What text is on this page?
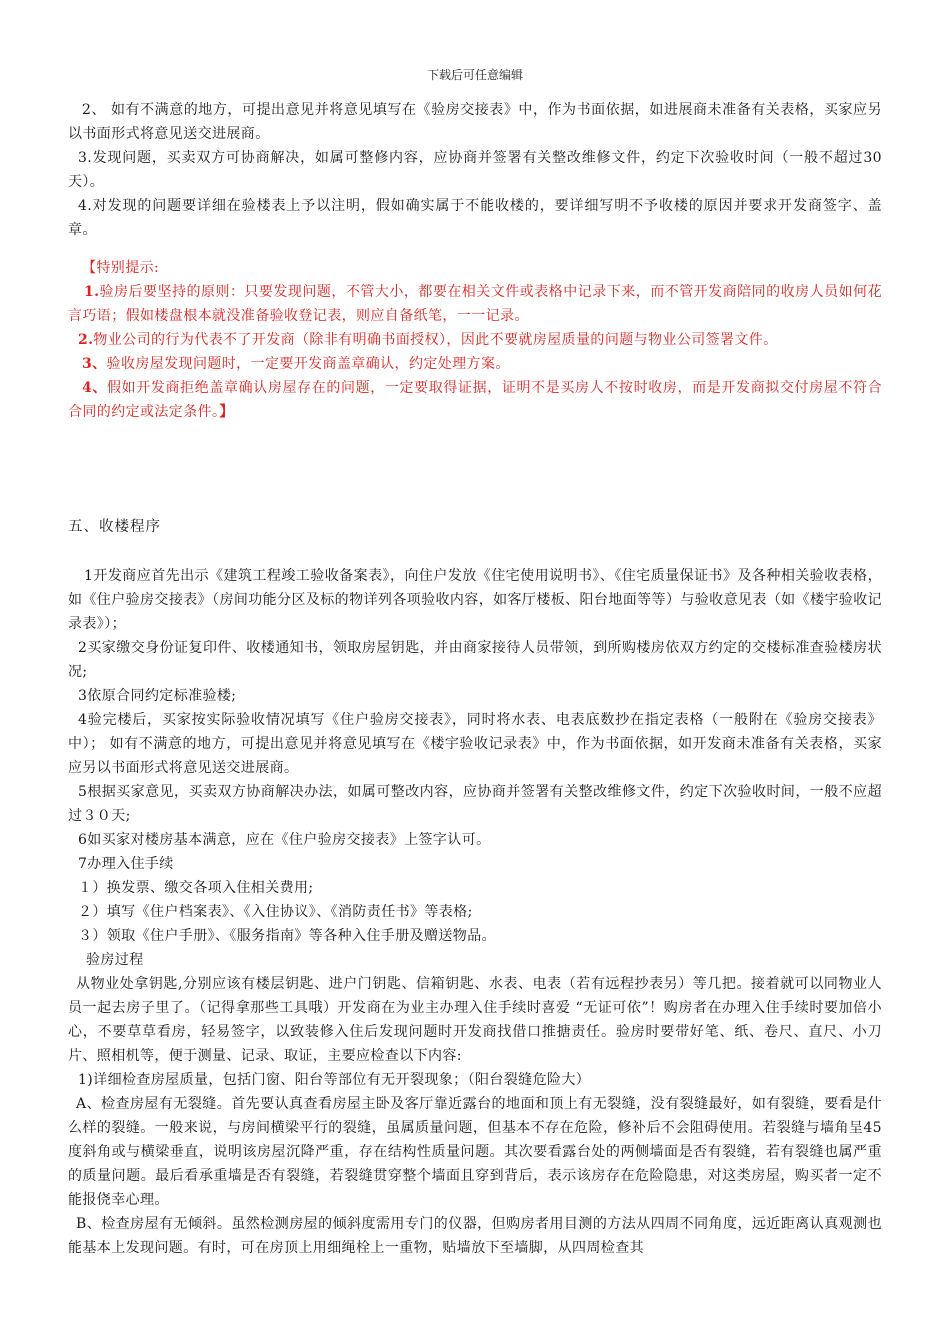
下载后可任意编辑

2、 如有不满意的地方，可提出意见并将意见填写在《验房交接表》中，作为书面依据，如进展商未准备有关表格，买家应另以书面形式将意见送交进展商。

3.发现问题，买卖双方可协商解决，如属可整修内容，应协商并签署有关整改维修文件，约定下次验收时间（一般不超过30天）。

4.对发现的问题要详细在验楼表上予以注明，假如确实属于不能收楼的，要详细写明不予收楼的原因并要求开发商签字、盖章。

【特别提示:

1.验房后要坚持的原则：只要发现问题，不管大小，都要在相关文件或表格中记录下来，而不管开发商陪同的收房人员如何花言巧语；假如楼盘根本就没准备验收登记表，则应自备纸笔，一一记录。

2.物业公司的行为代表不了开发商（除非有明确书面授权），因此不要就房屋质量的问题与物业公司签署文件。

3、验收房屋发现问题时，一定要开发商盖章确认，约定处理方案。

4、假如开发商拒绝盖章确认房屋存在的问题，一定要取得证据，证明不是买房人不按时收房，而是开发商拟交付房屋不符合合同的约定或法定条件。】

五、收楼程序

1开发商应首先出示《建筑工程竣工验收备案表》，向住户发放《住宅使用说明书》、《住宅质量保证书》及各种相关验收表格，如《住户验房交接表》（房间功能分区及标的物详列各项验收内容，如客厅楼板、阳台地面等等）与验收意见表（如《楼宇验收记录表》）；

2买家缴交身份证复印件、收楼通知书，领取房屋钥匙，并由商家接待人员带领，到所购楼房依双方约定的交楼标准查验楼房状况;

3依原合同约定标准验楼;

4验完楼后，买家按实际验收情况填写《住户验房交接表》，同时将水表、电表底数抄在指定表格（一般附在《验房交接表》中）； 如有不满意的地方，可提出意见并将意见填写在《楼宇验收记录表》中，作为书面依据，如开发商未准备有关表格，买家应另以书面形式将意见送交进展商。

5根据买家意见，买卖双方协商解决办法，如属可整改内容，应协商并签署有关整改维修文件，约定下次验收时间，一般不应超过３０天;

6如买家对楼房基本满意，应在《住户验房交接表》上签字认可。

7办理入住手续

１）换发票、缴交各项入住相关费用;

２）填写《住户档案表》、《入住协议》、《消防责任书》等表格;

３）领取《住户手册》、《服务指南》等各种入住手册及赠送物品。

验房过程

从物业处拿钥匙,分别应该有楼层钥匙、进户门钥匙、信箱钥匙、水表、电表（若有远程抄表另）等几把。接着就可以同物业人员一起去房子里了。（记得拿那些工具哦）开发商在为业主办理入住手续时喜爱 “无证可依”！购房者在办理入住手续时要加倍小心，不要草草看房，轻易签字，以致装修入住后发现问题时开发商找借口推搪责任。验房时要带好笔、纸、卷尺、直尺、小刀片、照相机等，便于测量、记录、取证，主要应检查以下内容:

1)详细检查房屋质量，包括门窗、阳台等部位有无开裂现象；（阳台裂缝危险大）

A、检查房屋有无裂缝。首先要认真查看房屋主卧及客厅靠近露台的地面和顶上有无裂缝，没有裂缝最好，如有裂缝，要看是什么样的裂缝。一般来说，与房间横梁平行的裂缝，虽属质量问题，但基本不存在危险，修补后不会阻碍使用。若裂缝与墙角呈45度斜角或与横梁垂直，说明该房屋沉降严重，存在结构性质量问题。其次要看露台处的两侧墙面是否有裂缝，若有裂缝也属严重的质量问题。最后看承重墙是否有裂缝，若裂缝贯穿整个墙面且穿到背后，表示该房存在危险隐患，对这类房屋，购买者一定不能报侥幸心理。

B、检查房屋有无倾斜。虽然检测房屋的倾斜度需用专门的仪器，但购房者用目测的方法从四周不同角度，远近距离认真观测也能基本上发现问题。有时，可在房顶上用细绳栓上一重物，贴墙放下至墙脚，从四周检查其
